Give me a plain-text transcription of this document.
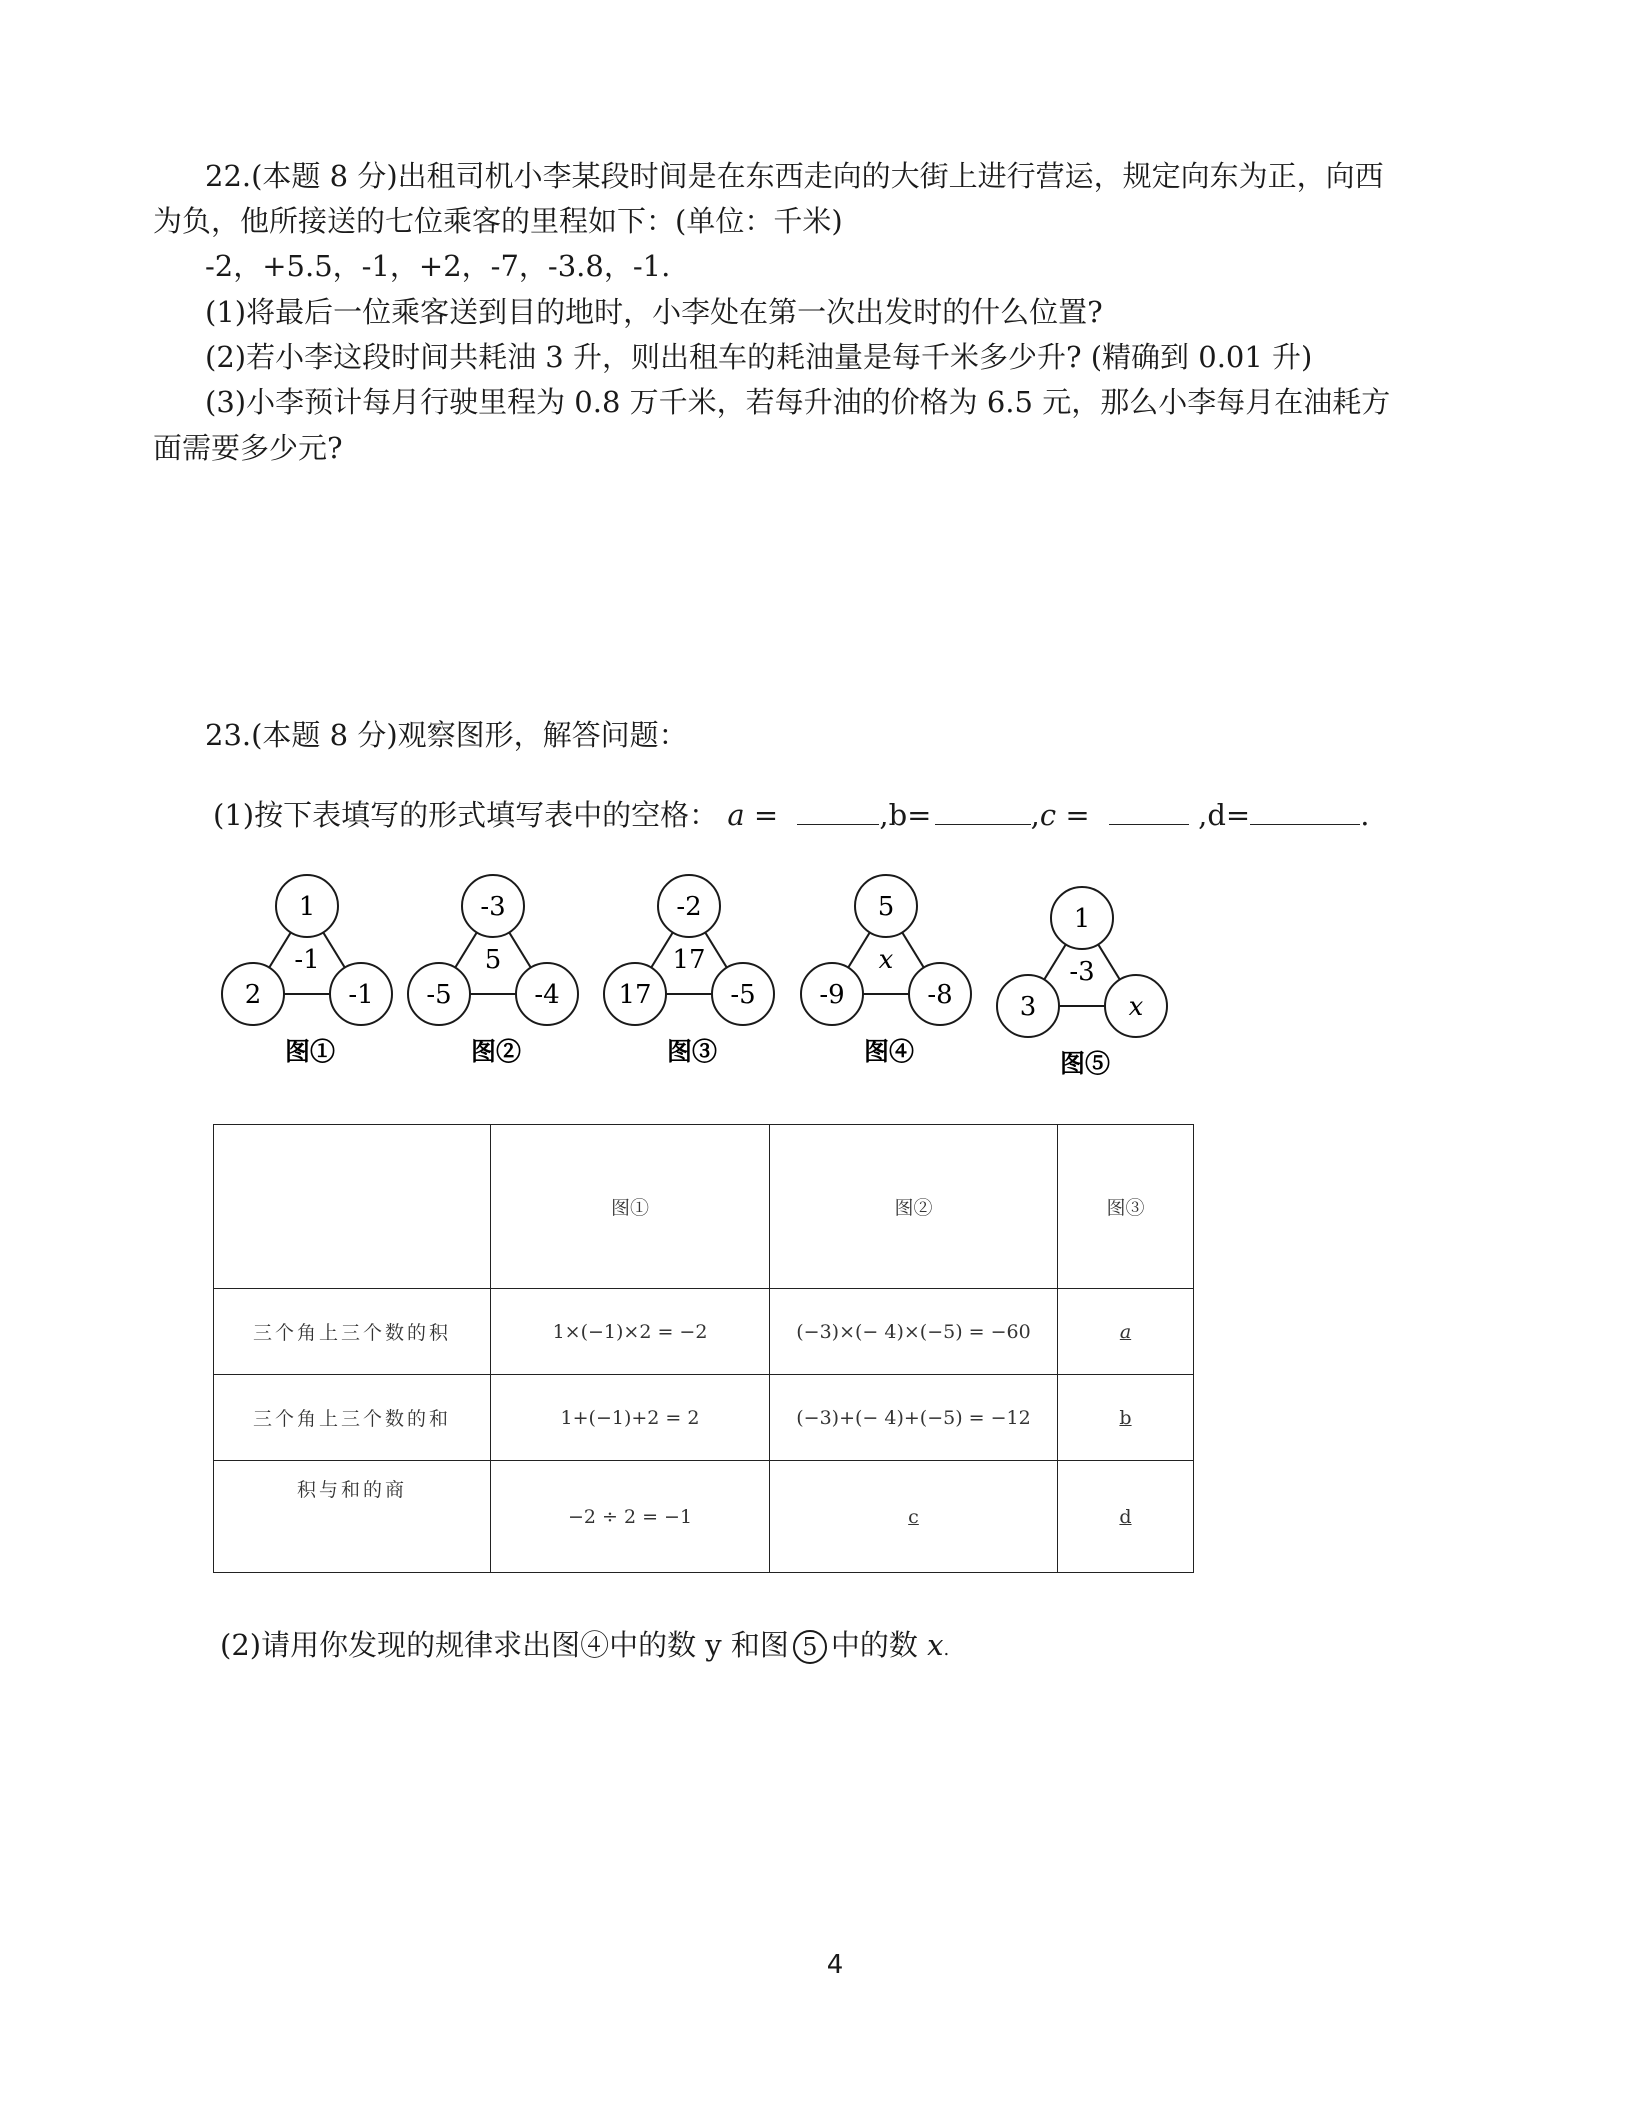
22.(本题 8 分)出租司机小李某段时间是在东西走向的大街上进行营运，规定向东为正，向西
为负，他所接送的七位乘客的里程如下：(单位：千米)
-2，+5.5，-1，+2，-7，-3.8，-1.
(1)将最后一位乘客送到目的地时，小李处在第一次出发时的什么位置?
(2)若小李这段时间共耗油 3 升，则出租车的耗油量是每千米多少升? (精确到 0.01 升)
(3)小李预计每月行驶里程为 0.8 万千米，若每升油的价格为 6.5 元，那么小李每月在油耗方
面需要多少元?
23.(本题 8 分)观察图形，解答问题：
(1)按下表填写的形式填写表中的空格： a =	,b=	,c =	,d=	.
1
2	-1
-1
图①
-3
-5	-4
5
图②
-2
17	-5
17
图③
5
-9	-8
x
图④
1
3	x
-3
图⑤
	图①	图②	图③
三个角上三个数的积	1×(−1)×2 = −2	(−3)×(− 4)×(−5) = −60	a
三个角上三个数的和	1+(−1)+2 = 2	(−3)+(− 4)+(−5) = −12	b
积与和的商	−2 ÷ 2 = −1	c	d
(2)请用你发现的规律求出图④中的数 y 和图 5 中的数 x.
4
